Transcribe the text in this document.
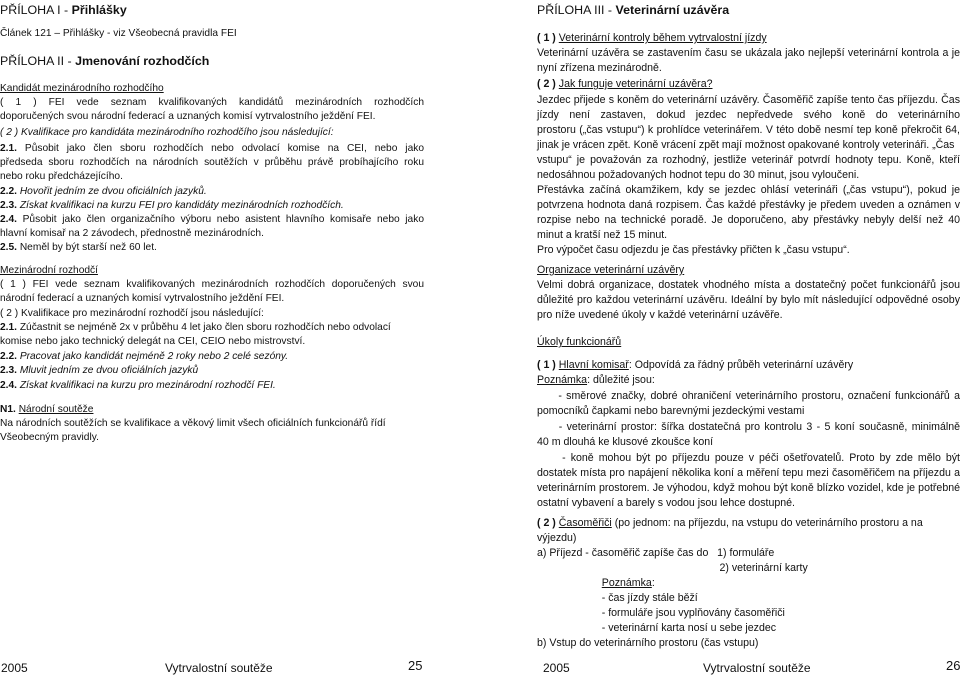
PŘÍLOHA I - Přihlášky
Článek 121 – Přihlášky - viz Všeobecná pravidla FEI
PŘÍLOHA II - Jmenování rozhodčích
Kandidát mezinárodního rozhodčího
( 1 ) FEI vede seznam kvalifikovaných kandidátů mezinárodních rozhodčích
doporučených svou národní federací a uznaných komisí vytrvalostního ježdění FEI.
( 2 ) Kvalifikace pro kandidáta mezinárodního rozhodčího jsou následující:
2.1. Působit jako člen sboru rozhodčích nebo odvolací komise na CEI, nebo jako
předseda sboru rozhodčích na národních soutěžích v průběhu právě probíhajícího roku
nebo roku předcházejícího.
2.2. Hovořit jedním ze dvou oficiálních jazyků.
2.3. Získat kvalifikaci na kurzu FEI pro kandidáty mezinárodních rozhodčích.
2.4. Působit jako člen organizačního výboru nebo asistent hlavního komisaře nebo jako
hlavní komisař na 2 závodech, přednostně mezinárodních.
2.5. Neměl by být starší než 60 let.
Mezinárodní rozhodčí
( 1 ) FEI vede seznam kvalifikovaných mezinárodních rozhodčích doporučených svou
národní federací a uznaných komisí vytrvalostního ježdění FEI.
( 2 ) Kvalifikace pro mezinárodní rozhodčí jsou následující:
2.1. Zúčastnit se nejméně 2x v průběhu 4 let jako člen sboru rozhodčích nebo odvolací
komise nebo jako technický delegát na CEI, CEIO nebo mistrovství.
2.2. Pracovat jako kandidát nejméně 2 roky nebo 2 celé sezóny.
2.3. Mluvit jedním ze dvou oficiálních jazyků
2.4. Získat kvalifikaci na kurzu pro mezinárodní rozhodčí FEI.
N1. Národní soutěže
Na národních soutěžích se kvalifikace a věkový limit všech oficiálních funkcionářů řídí
Všeobecným pravidly.
2005	Vytrvalostní soutěže	25
PŘÍLOHA III - Veterinární uzávěra
( 1 ) Veterinární kontroly během vytrvalostní jízdy
Veterinární uzávěra se zastavením času se ukázala jako nejlepší veterinární kontrola a je
nyní zřízena mezinárodně.
( 2 ) Jak funguje veterinární uzávěra?
Jezdec přijede s koněm do veterinární uzávěry. Časoměřič zapíše tento čas příjezdu. Čas
jízdy není zastaven, dokud jezdec nepředvede svého koně do veterinárního
prostoru („čas vstupu“) k prohlídce veterinářem. V této době nesmí tep koně překročit 64,
jinak je vrácen zpět. Koně vrácení zpět mají možnost opakované kontroly veterináři. „Čas
vstupu“ je považován za rozhodný, jestliže veterinář potvrdí hodnoty tepu. Koně, kteří
nedosáhnou požadovaných hodnot tepu do 30 minut, jsou vyloučeni.
Přestávka začíná okamžikem, kdy se jezdec ohlásí veterináři („čas vstupu“), pokud je
potvrzena hodnota daná rozpisem. Čas každé přestávky je předem uveden a oznámen v
rozpise nebo na technické poradě. Je doporučeno, aby přestávky nebyly delší než 40
minut a kratší než 15 minut.
Pro výpočet času odjezdu je čas přestávky přičten k „času vstupu“.
Organizace veterinární uzávěry
Velmi dobrá organizace, dostatek vhodného místa a dostatečný počet funkcionářů jsou
důležité pro každou veterinární uzávěru. Ideální by bylo mít následující odpovědné osoby
pro níže uvedené úkoly v každé veterinární uzávěře.
Úkoly funkcionářů
( 1 ) Hlavní komisař: Odpovídá za řádný průběh veterinární uzávěry
Poznámka: důležité jsou:
- směrové značky, dobré ohraničení veterinárního prostoru, označení funkcionářů a
pomocníků čapkami nebo barevnými jezdeckými vestami
- veterinární prostor: šířka dostatečná pro kontrolu 3 - 5 koní současně, minimálně
40 m dlouhá ke klusové zkoušce koní
- koně mohou být po příjezdu pouze v péči ošetřovatelů. Proto by zde mělo být
dostatek místa pro napájení několika koní a měření tepu mezi časoměřičem na příjezdu a
veterinárním prostorem. Je výhodou, když mohou být koně blízko vozidel, kde je potřebné
ostatní vybavení a barely s vodou jsou lehce dostupné.
( 2 ) Časoměřiči (po jednom: na příjezdu, na vstupu do veterinárního prostoru a na
výjezdu)
a) Příjezd - časoměřič zapíše čas do   1) formuláře
2) veterinární karty
Poznámka:
- čas jízdy stále běží
- formuláře jsou vyplňovány časoměřiči
- veterinární karta nosí u sebe jezdec
b) Vstup do veterinárního prostoru (čas vstupu)
2005	Vytrvalostní soutěže	26
